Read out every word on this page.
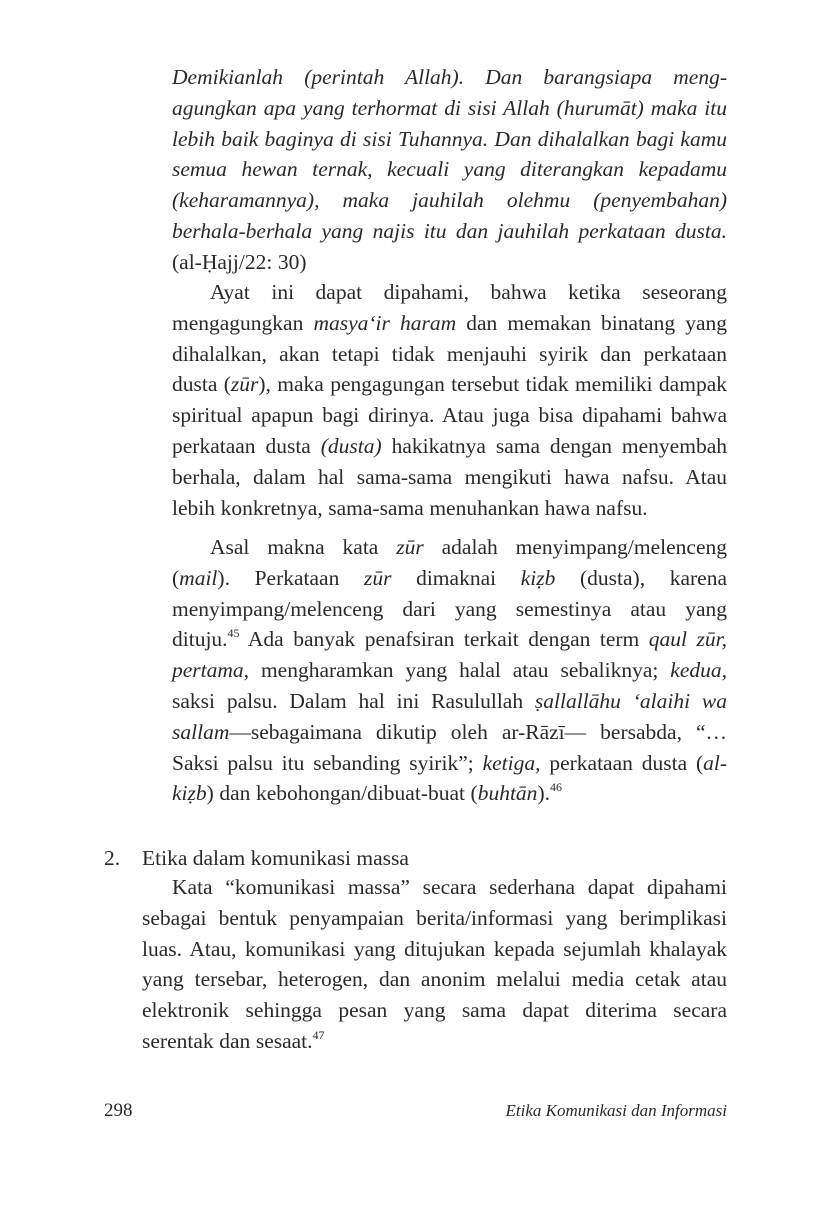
Demikianlah (perintah Allah). Dan barangsiapa meng-agungkan apa yang terhormat di sisi Allah (hurumāt) maka itu lebih baik baginya di sisi Tuhannya. Dan dihalalkan bagi kamu semua hewan ternak, kecuali yang diterangkan kepadamu (keharamannya), maka jauhilah olehmu (penyembahan) berhala-berhala yang najis itu dan jauhilah perkataan dusta. (al-Ḥajj/22: 30)

Ayat ini dapat dipahami, bahwa ketika seseorang mengagungkan masya‘ir haram dan memakan binatang yang dihalalkan, akan tetapi tidak menjauhi syirik dan perkataan dusta (zūr), maka pengagungan tersebut tidak memiliki dampak spiritual apapun bagi dirinya. Atau juga bisa dipahami bahwa perkataan dusta (dusta) hakikatnya sama dengan menyembah berhala, dalam hal sama-sama mengikuti hawa nafsu. Atau lebih konkretnya, sama-sama menuhankan hawa nafsu.

Asal makna kata zūr adalah menyimpang/melenceng (mail). Perkataan zūr dimaknai kiẓb (dusta), karena menyimpang/melenceng dari yang semestinya atau yang dituju.$^{45}$ Ada banyak penafsiran terkait dengan term qaul zūr, pertama, mengharamkan yang halal atau sebaliknya; kedua, saksi palsu. Dalam hal ini Rasulullah ṣallallāhu ‘alaihi wa sallam—sebagaimana dikutip oleh ar-Rāzī— bersabda, “…Saksi palsu itu sebanding syirik”; ketiga, perkataan dusta (al-kiẓb) dan kebohongan/dibuat-buat (buhtān).$^{46}$

2. Etika dalam komunikasi massa

Kata “komunikasi massa” secara sederhana dapat dipahami sebagai bentuk penyampaian berita/informasi yang berimplikasi luas. Atau, komunikasi yang ditujukan kepada sejumlah khalayak yang tersebar, heterogen, dan anonim melalui media cetak atau elektronik sehingga pesan yang sama dapat diterima secara serentak dan sesaat.$^{47}$

298	Etika Komunikasi dan Informasi
